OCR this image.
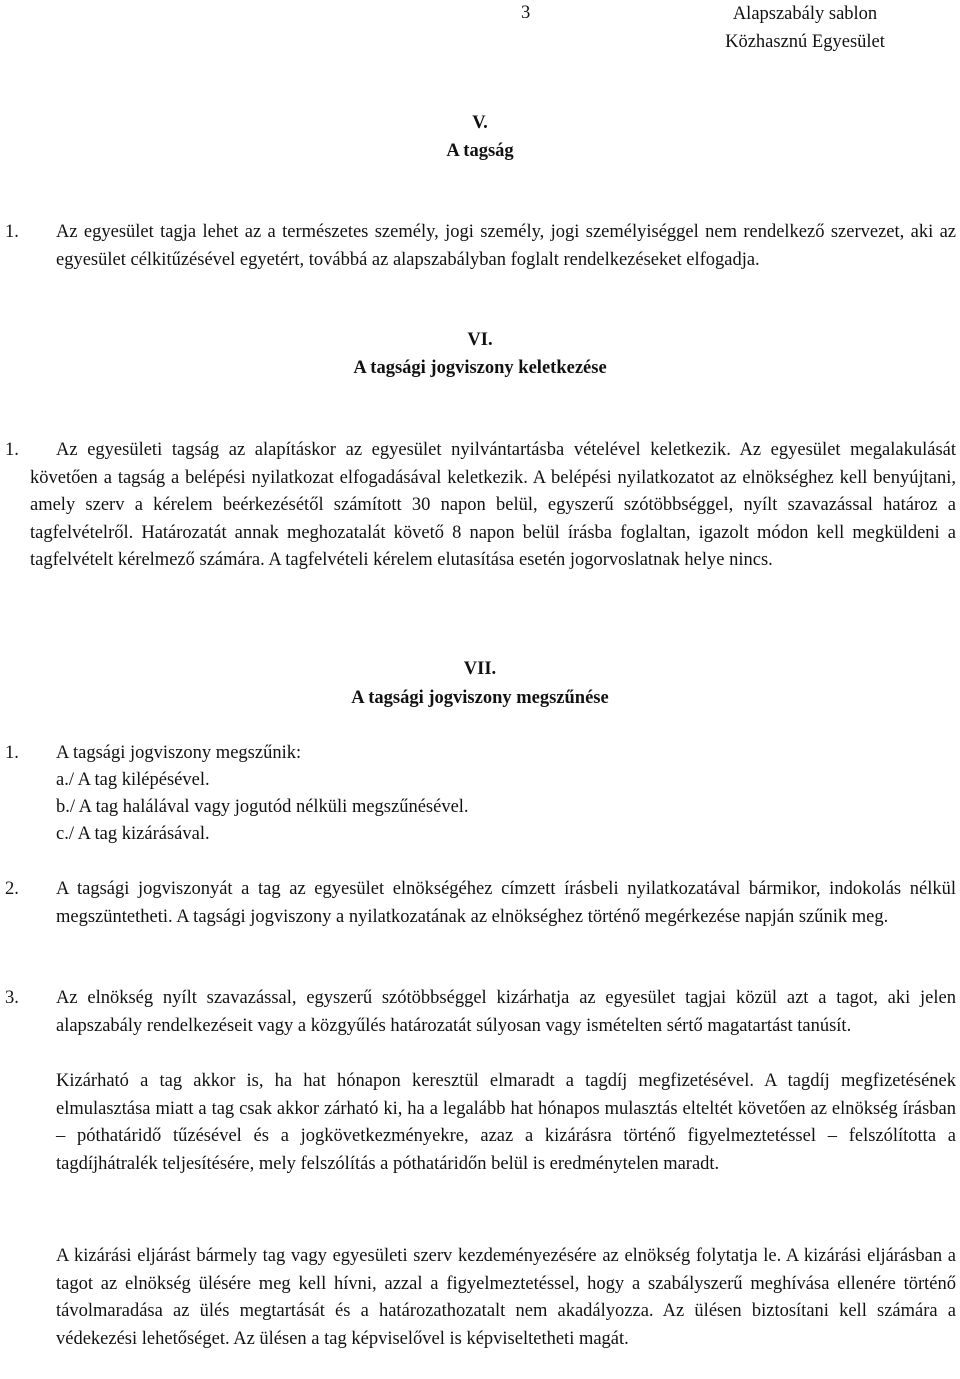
3	Alapszabály sablon
Közhasznú Egyesület
V.
A tagság
1. Az egyesület tagja lehet az a természetes személy, jogi személy, jogi személyiséggel nem rendelkező szervezet, aki az egyesület célkitűzésével egyetért, továbbá az alapszabályban foglalt rendelkezéseket elfogadja.
VI.
A tagsági jogviszony keletkezése
1.	Az egyesületi tagság az alapításkor az egyesület nyilvántartásba vételével keletkezik. Az egyesület megalakulását követően a tagság a belépési nyilatkozat elfogadásával keletkezik. A belépési nyilatkozatot az elnökséghez kell benyújtani, amely szerv a kérelem beérkezésétől számított 30 napon belül, egyszerű szótöbbséggel, nyílt szavazással határoz a tagfelvételről. Határozatát annak meghozatalát követő 8 napon belül írásba foglaltan, igazolt módon kell megküldeni a tagfelvételt kérelmező számára. A tagfelvételi kérelem elutasítása esetén jogorvoslatnak helye nincs.
VII.
A tagsági jogviszony megszűnése
1. A tagsági jogviszony megszűnik:
a./ A tag kilépésével.
b./ A tag halálával vagy jogutód nélküli megszűnésével.
c./ A tag kizárásával.
2. A tagsági jogviszonyát a tag az egyesület elnökségéhez címzett írásbeli nyilatkozatával bármikor, indokolás nélkül megszüntetheti. A tagsági jogviszony a nyilatkozatának az elnökséghez történő megérkezése napján szűnik meg.
3. Az elnökség nyílt szavazással, egyszerű szótöbbséggel kizárhatja az egyesület tagjai közül azt a tagot, aki jelen alapszabály rendelkezéseit vagy a közgyűlés határozatát súlyosan vagy ismételten sértő magatartást tanúsít.
Kizárható a tag akkor is, ha hat hónapon keresztül elmaradt a tagdíj megfizetésével. A tagdíj megfizetésének elmulasztása miatt a tag csak akkor zárható ki, ha a legalább hat hónapos mulasztás elteltét követően az elnökség írásban – póthatáridő tűzésével és a jogkövetkezményekre, azaz a kizárásra történő figyelmeztetéssel – felszólította a tagdíjhátralék teljesítésére, mely felszólítás a póthatáridőn belül is eredménytelen maradt.
A kizárási eljárást bármely tag vagy egyesületi szerv kezdeményezésére az elnökség folytatja le. A kizárási eljárásban a tagot az elnökség ülésére meg kell hívni, azzal a figyelmeztetéssel, hogy a szabályszerű meghívása ellenére történő távolmaradása az ülés megtartását és a határozathozatalt nem akadályozza. Az ülésen biztosítani kell számára a védekezési lehetőséget. Az ülésen a tag képviselővel is képviseltetheti magát.
